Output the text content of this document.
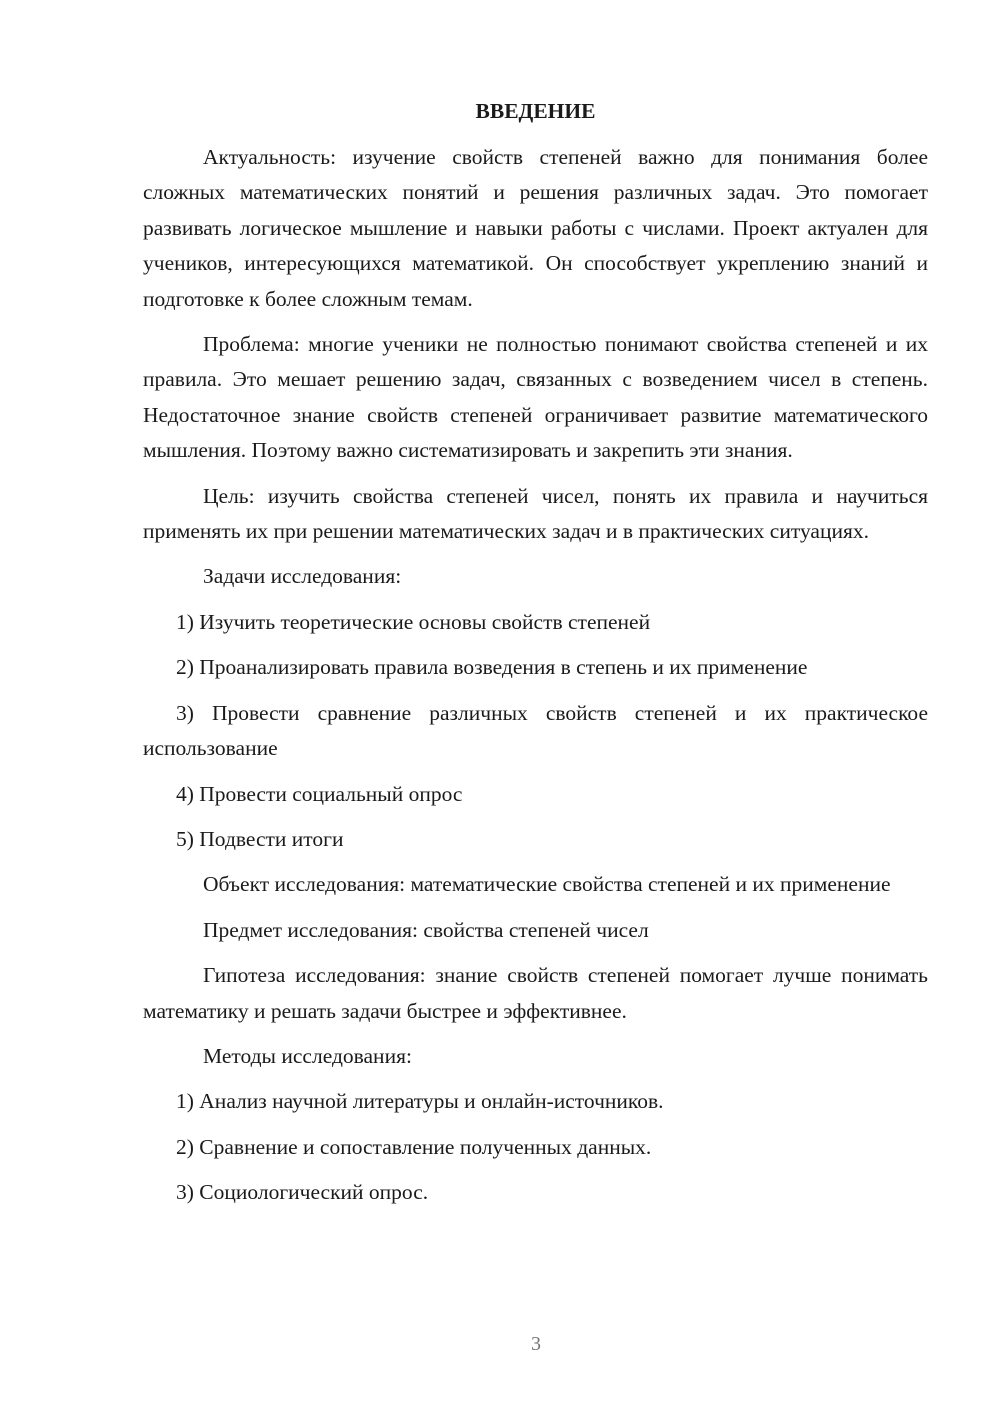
ВВЕДЕНИЕ

Актуальность: изучение свойств степеней важно для понимания более сложных математических понятий и решения различных задач. Это помогает развивать логическое мышление и навыки работы с числами. Проект актуален для учеников, интересующихся математикой. Он способствует укреплению знаний и подготовке к более сложным темам.

Проблема: многие ученики не полностью понимают свойства степеней и их правила. Это мешает решению задач, связанных с возведением чисел в степень. Недостаточное знание свойств степеней ограничивает развитие математического мышления. Поэтому важно систематизировать и закрепить эти знания.

Цель: изучить свойства степеней чисел, понять их правила и научиться применять их при решении математических задач и в практических ситуациях.

Задачи исследования:

1) Изучить теоретические основы свойств степеней

2) Проанализировать правила возведения в степень и их применение

3) Провести сравнение различных свойств степеней и их практическое использование

4) Провести социальный опрос

5) Подвести итоги

Объект исследования: математические свойства степеней и их применение

Предмет исследования: свойства степеней чисел

Гипотеза исследования: знание свойств степеней помогает лучше понимать математику и решать задачи быстрее и эффективнее.

Методы исследования:

1) Анализ научной литературы и онлайн-источников.

2) Сравнение и сопоставление полученных данных.

3) Социологический опрос.

3
